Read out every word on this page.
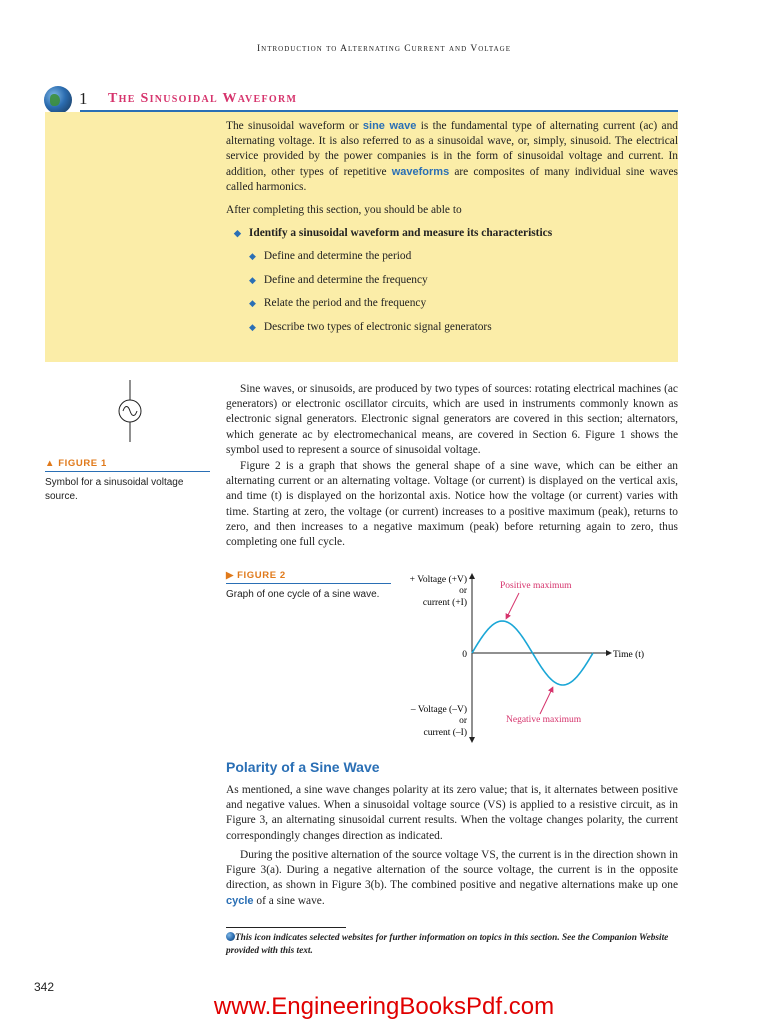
Introduction to Alternating Current and Voltage
1 The Sinusoidal Waveform
The sinusoidal waveform or sine wave is the fundamental type of alternating current (ac) and alternating voltage. It is also referred to as a sinusoidal wave, or, simply, sinusoid. The electrical service provided by the power companies is in the form of sinusoidal voltage and current. In addition, other types of repetitive waveforms are composites of many individual sine waves called harmonics.
After completing this section, you should be able to
◆ Identify a sinusoidal waveform and measure its characteristics
◆ Define and determine the period
◆ Define and determine the frequency
◆ Relate the period and the frequency
◆ Describe two types of electronic signal generators
▲ FIGURE 1
Symbol for a sinusoidal voltage source.
Sine waves, or sinusoids, are produced by two types of sources: rotating electrical machines (ac generators) or electronic oscillator circuits, which are used in instruments commonly known as electronic signal generators. Electronic signal generators are covered in this section; alternators, which generate ac by electromechanical means, are covered in Section 6. Figure 1 shows the symbol used to represent a source of sinusoidal voltage.
Figure 2 is a graph that shows the general shape of a sine wave, which can be either an alternating current or an alternating voltage. Voltage (or current) is displayed on the vertical axis, and time (t) is displayed on the horizontal axis. Notice how the voltage (or current) varies with time. Starting at zero, the voltage (or current) increases to a positive maximum (peak), returns to zero, and then increases to a negative maximum (peak) before returning again to zero, thus completing one full cycle.
▶ FIGURE 2
Graph of one cycle of a sine wave.
+ Voltage (+V)
or
current (+I)
0	Time (t)
Positive maximum
Negative maximum
– Voltage (–V)
or
current (–I)
Polarity of a Sine Wave
As mentioned, a sine wave changes polarity at its zero value; that is, it alternates between positive and negative values. When a sinusoidal voltage source (VS) is applied to a resistive circuit, as in Figure 3, an alternating sinusoidal current results. When the voltage changes polarity, the current correspondingly changes direction as indicated.
During the positive alternation of the source voltage VS, the current is in the direction shown in Figure 3(a). During a negative alternation of the source voltage, the current is in the opposite direction, as shown in Figure 3(b). The combined positive and negative alternations make up one cycle of a sine wave.
This icon indicates selected websites for further information on topics in this section. See the Companion Website provided with this text.
342
www.EngineeringBooksPdf.com
